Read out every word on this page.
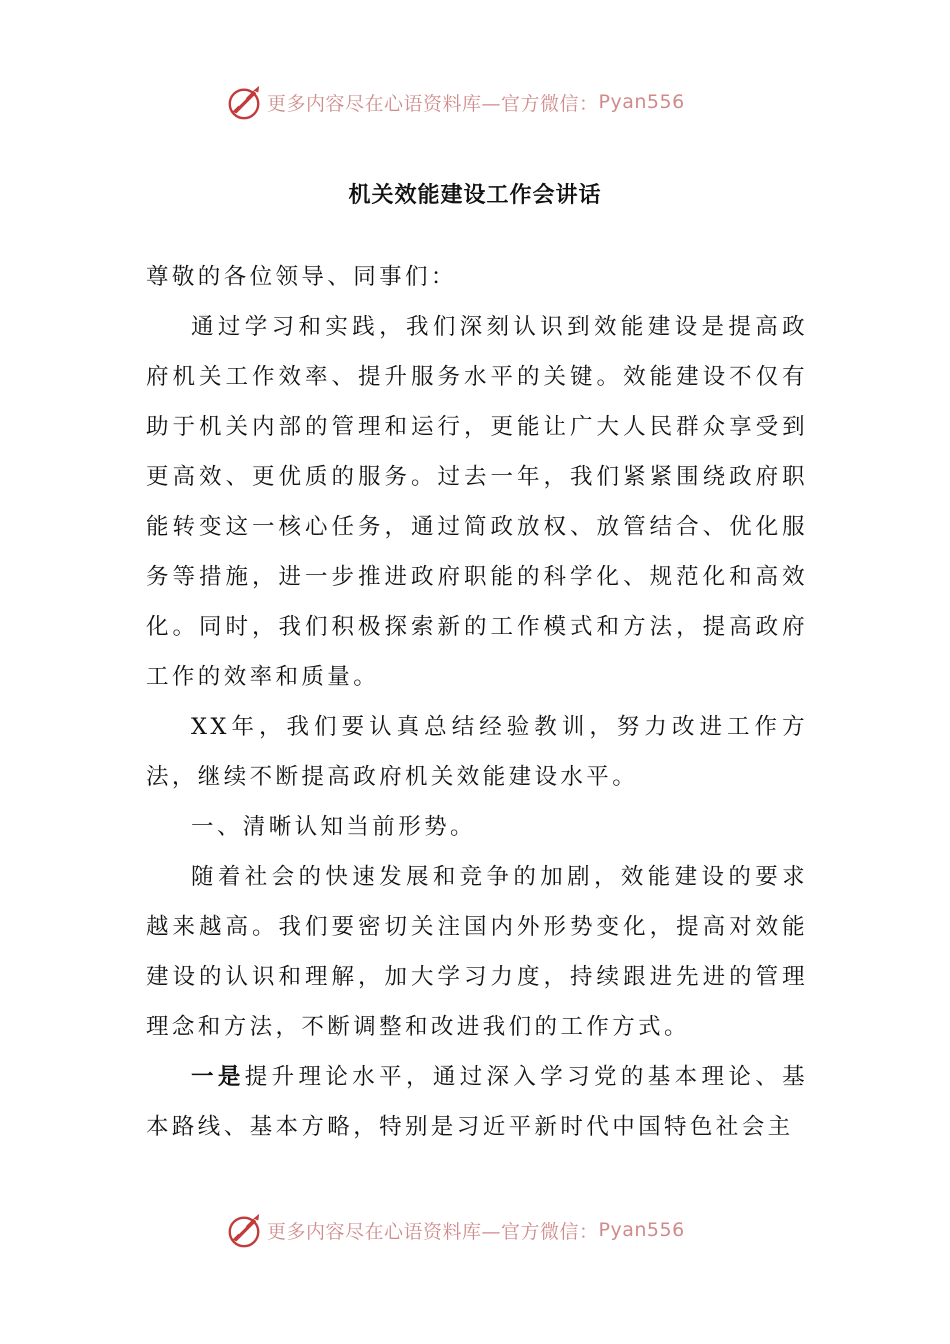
更多内容尽在心语资料库—官方微信： Pyan556
机关效能建设工作会讲话

尊敬的各位领导、同事们：

通过学习和实践，我们深刻认识到效能建设是提高政府机关工作效率、提升服务水平的关键。效能建设不仅有助于机关内部的管理和运行，更能让广大人民群众享受到更高效、更优质的服务。过去一年，我们紧紧围绕政府职能转变这一核心任务，通过简政放权、放管结合、优化服务等措施，进一步推进政府职能的科学化、规范化和高效化。同时，我们积极探索新的工作模式和方法，提高政府工作的效率和质量。

XX年，我们要认真总结经验教训，努力改进工作方法，继续不断提高政府机关效能建设水平。

一、清晰认知当前形势。

随着社会的快速发展和竞争的加剧，效能建设的要求越来越高。我们要密切关注国内外形势变化，提高对效能建设的认识和理解，加大学习力度，持续跟进先进的管理理念和方法，不断调整和改进我们的工作方式。

一是提升理论水平，通过深入学习党的基本理论、基本路线、基本方略，特别是习近平新时代中国特色社会主

更多内容尽在心语资料库—官方微信： Pyan556
